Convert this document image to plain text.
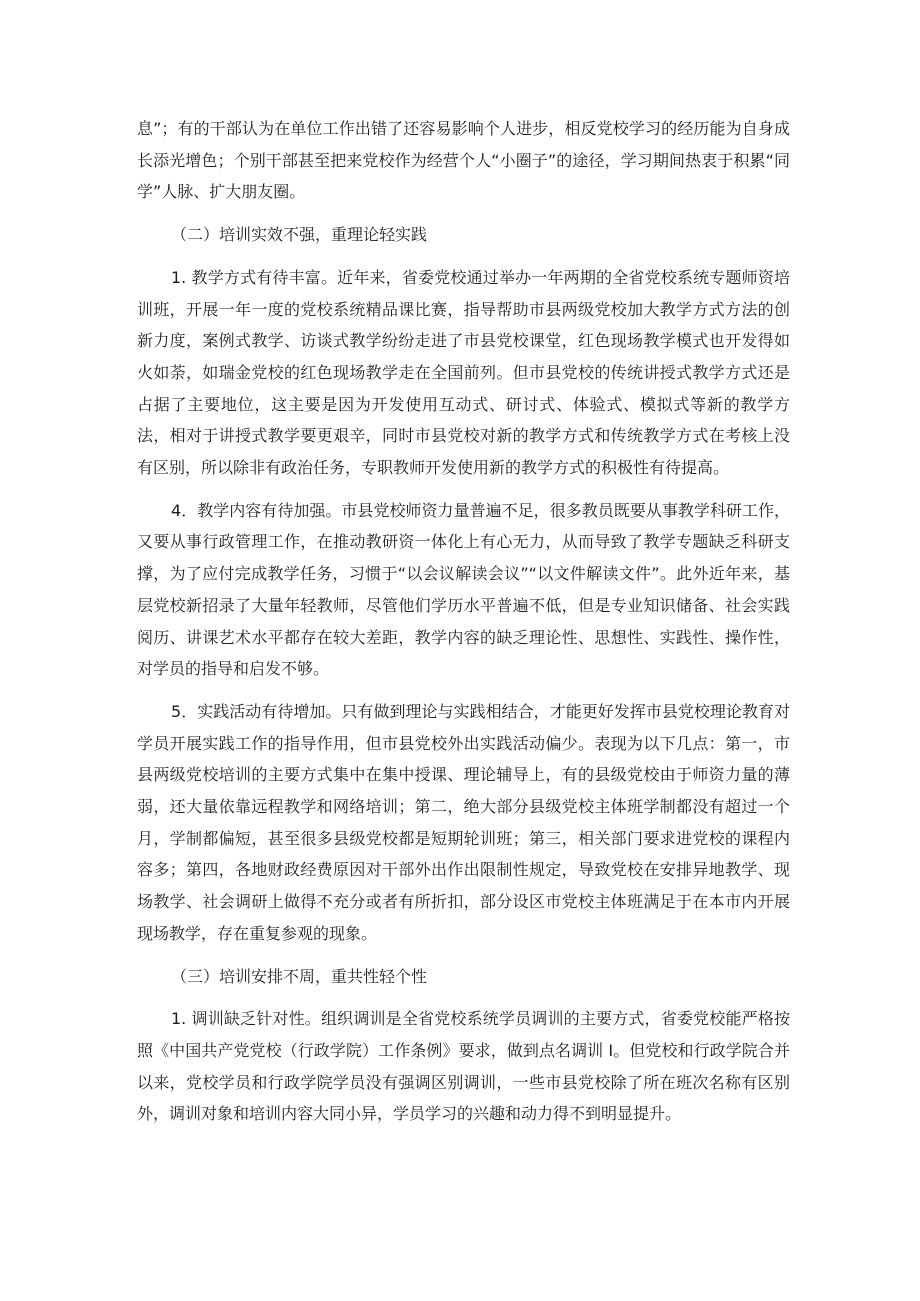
息”；有的干部认为在单位工作出错了还容易影响个人进步，相反党校学习的经历能为自身成长添光增色；个别干部甚至把来党校作为经营个人“小圈子”的途径，学习期间热衷于积累“同学”人脉、扩大朋友圈。

（二）培训实效不强，重理论轻实践

1. 教学方式有待丰富。近年来，省委党校通过举办一年两期的全省党校系统专题师资培训班，开展一年一度的党校系统精品课比赛，指导帮助市县两级党校加大教学方式方法的创新力度，案例式教学、访谈式教学纷纷走进了市县党校课堂，红色现场教学模式也开发得如火如荼，如瑞金党校的红色现场教学走在全国前列。但市县党校的传统讲授式教学方式还是占据了主要地位，这主要是因为开发使用互动式、研讨式、体验式、模拟式等新的教学方法，相对于讲授式教学要更艰辛，同时市县党校对新的教学方式和传统教学方式在考核上没有区别，所以除非有政治任务，专职教师开发使用新的教学方式的积极性有待提高。

4．教学内容有待加强。市县党校师资力量普遍不足，很多教员既要从事教学科研工作，又要从事行政管理工作，在推动教研资一体化上有心无力，从而导致了教学专题缺乏科研支撑，为了应付完成教学任务，习惯于“以会议解读会议”“以文件解读文件”。此外近年来，基层党校新招录了大量年轻教师，尽管他们学历水平普遍不低，但是专业知识储备、社会实践阅历、讲课艺术水平都存在较大差距，教学内容的缺乏理论性、思想性、实践性、操作性，对学员的指导和启发不够。

5．实践活动有待增加。只有做到理论与实践相结合，才能更好发挥市县党校理论教育对学员开展实践工作的指导作用，但市县党校外出实践活动偏少。表现为以下几点：第一，市县两级党校培训的主要方式集中在集中授课、理论辅导上，有的县级党校由于师资力量的薄弱，还大量依靠远程教学和网络培训；第二，绝大部分县级党校主体班学制都没有超过一个月，学制都偏短，甚至很多县级党校都是短期轮训班；第三，相关部门要求进党校的课程内容多；第四，各地财政经费原因对干部外出作出限制性规定，导致党校在安排异地教学、现场教学、社会调研上做得不充分或者有所折扣，部分设区市党校主体班满足于在本市内开展现场教学，存在重复参观的现象。

（三）培训安排不周，重共性轻个性

1. 调训缺乏针对性。组织调训是全省党校系统学员调训的主要方式，省委党校能严格按照《中国共产党党校（行政学院）工作条例》要求，做到点名调训 I。但党校和行政学院合并以来，党校学员和行政学院学员没有强调区别调训，一些市县党校除了所在班次名称有区别外，调训对象和培训内容大同小异，学员学习的兴趣和动力得不到明显提升。
